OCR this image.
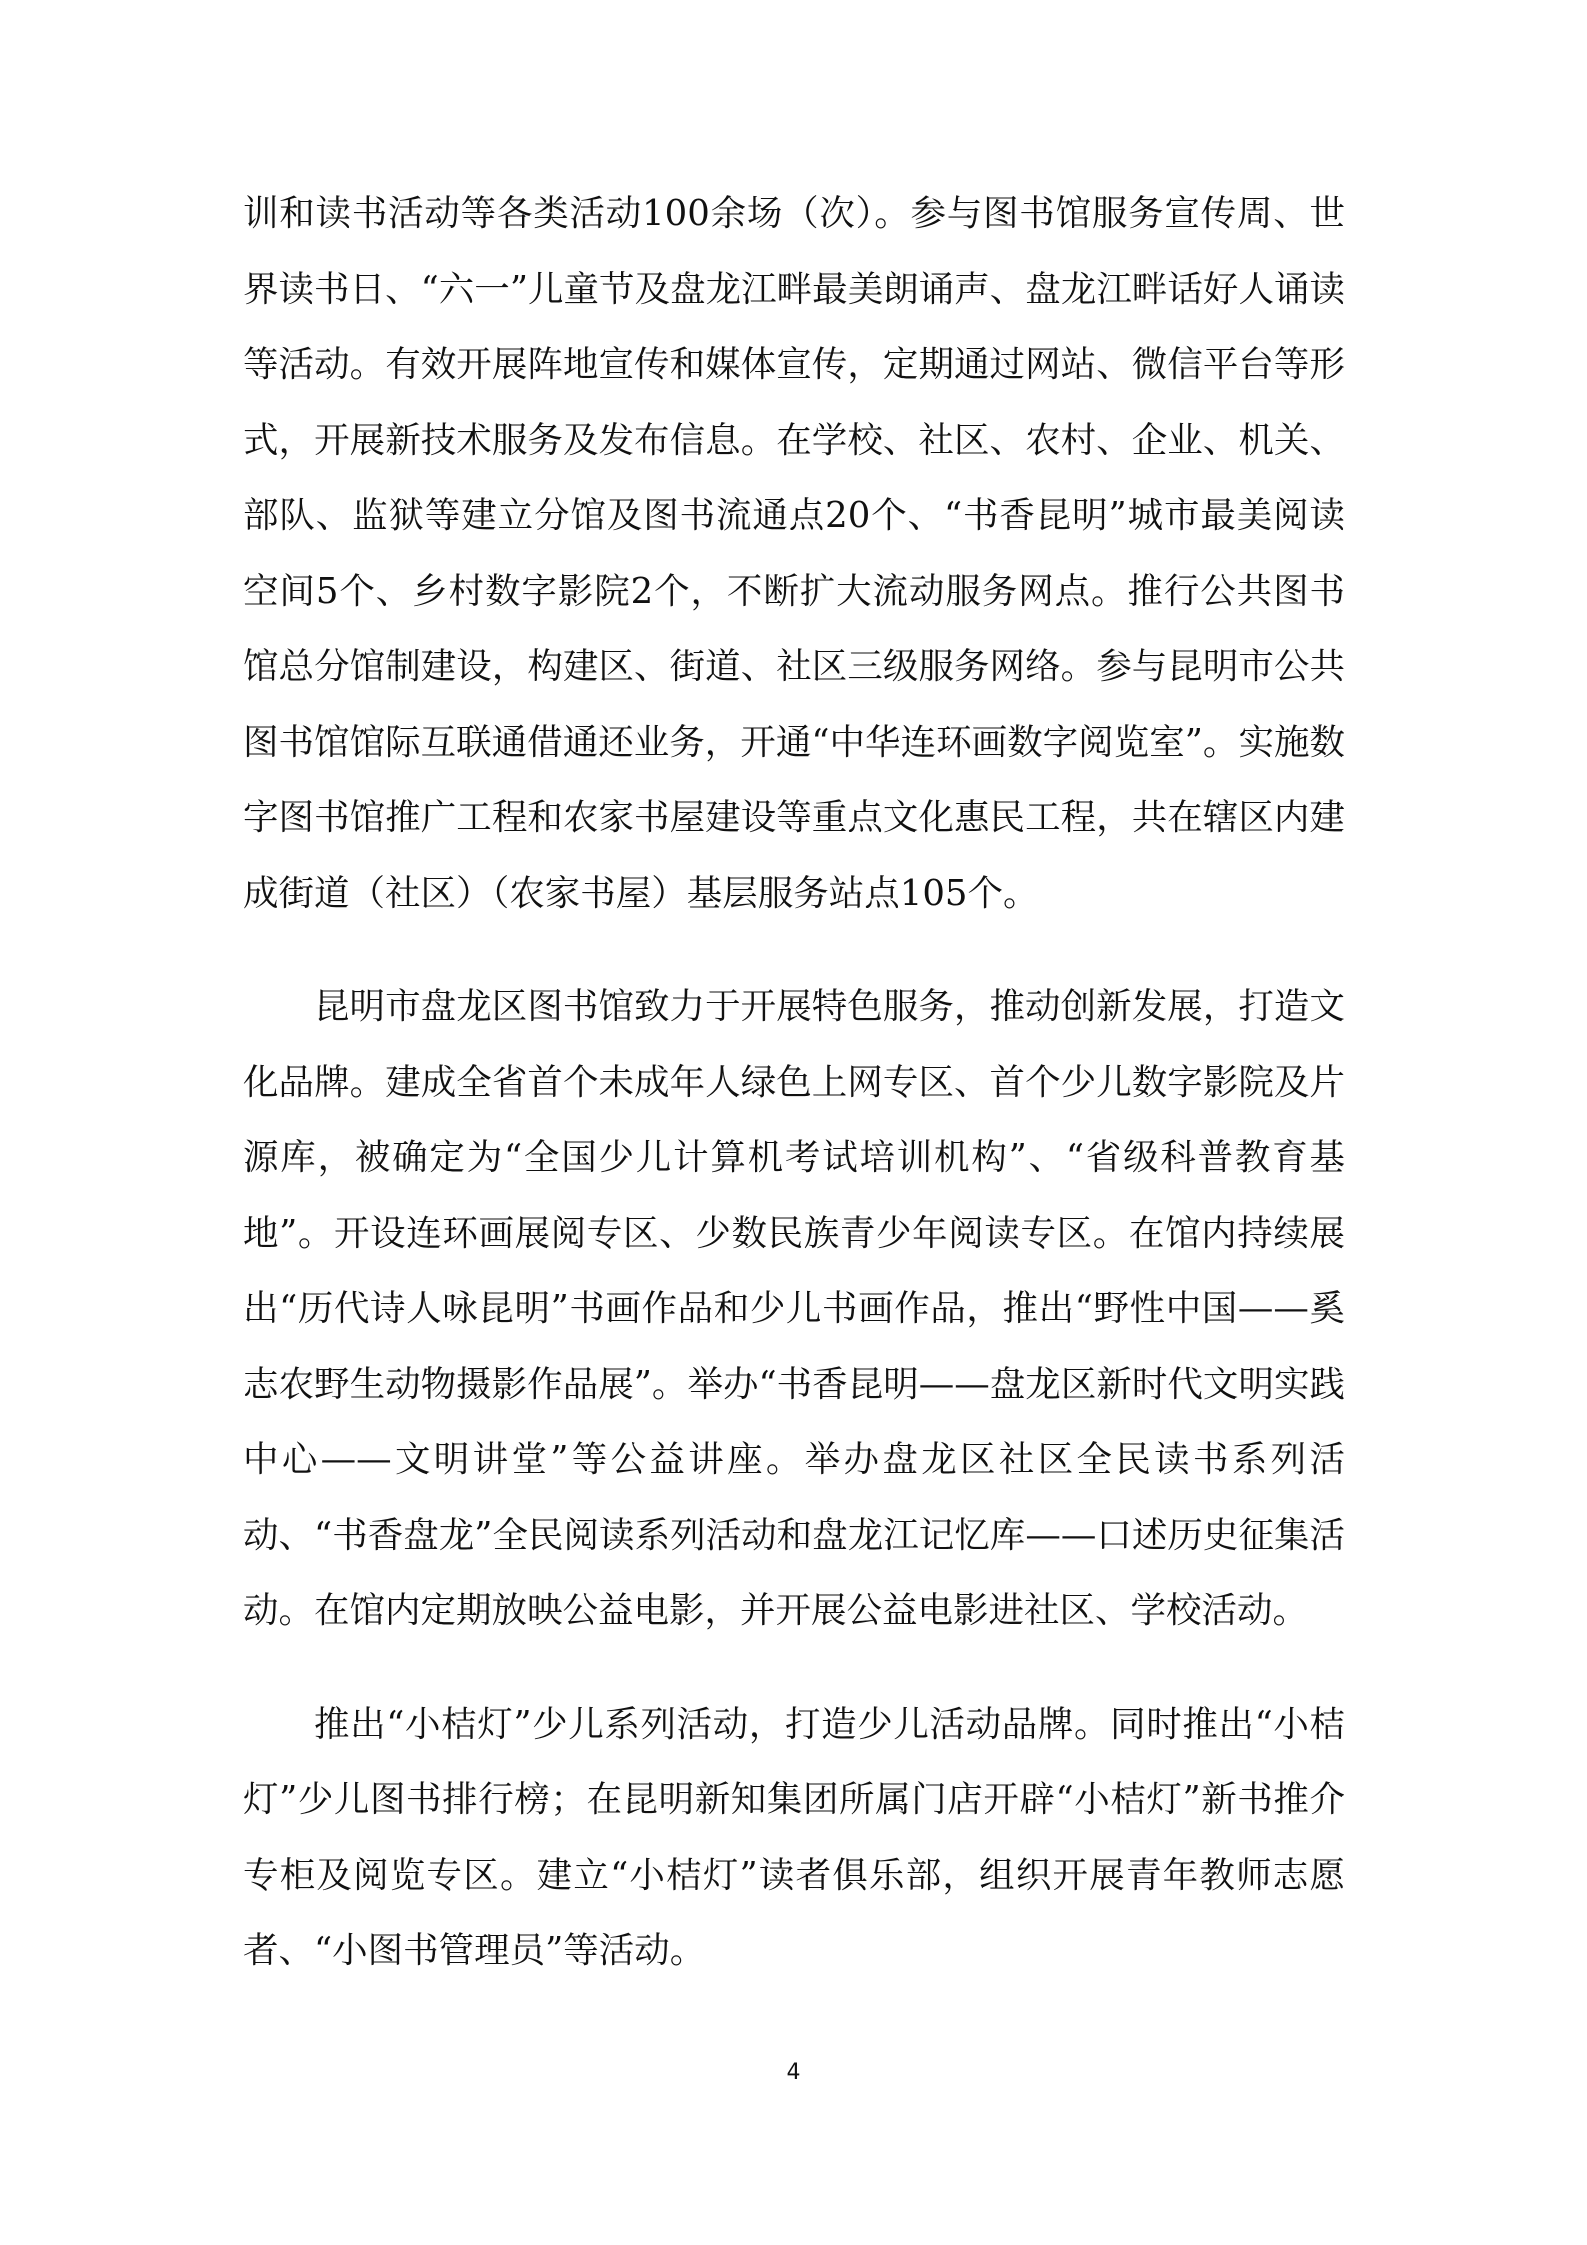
训和读书活动等各类活动100余场（次）。参与图书馆服务宣传周、世界读书日、“六一”儿童节及盘龙江畔最美朗诵声、盘龙江畔话好人诵读等活动。有效开展阵地宣传和媒体宣传，定期通过网站、微信平台等形式，开展新技术服务及发布信息。在学校、社区、农村、企业、机关、部队、监狱等建立分馆及图书流通点20个、“书香昆明”城市最美阅读空间5个、乡村数字影院2个，不断扩大流动服务网点。推行公共图书馆总分馆制建设，构建区、街道、社区三级服务网络。参与昆明市公共图书馆馆际互联通借通还业务，开通“中华连环画数字阅览室”。实施数字图书馆推广工程和农家书屋建设等重点文化惠民工程，共在辖区内建成街道（社区）（农家书屋）基层服务站点105个。

昆明市盘龙区图书馆致力于开展特色服务，推动创新发展，打造文化品牌。建成全省首个未成年人绿色上网专区、首个少儿数字影院及片源库，被确定为“全国少儿计算机考试培训机构”、“省级科普教育基地”。开设连环画展阅专区、少数民族青少年阅读专区。在馆内持续展出“历代诗人咏昆明”书画作品和少儿书画作品，推出“野性中国——奚志农野生动物摄影作品展”。举办“书香昆明——盘龙区新时代文明实践中心——文明讲堂”等公益讲座。举办盘龙区社区全民读书系列活动、“书香盘龙”全民阅读系列活动和盘龙江记忆库——口述历史征集活动。在馆内定期放映公益电影，并开展公益电影进社区、学校活动。

推出“小桔灯”少儿系列活动，打造少儿活动品牌。同时推出“小桔灯”少儿图书排行榜；在昆明新知集团所属门店开辟“小桔灯”新书推介专柜及阅览专区。建立“小桔灯”读者俱乐部，组织开展青年教师志愿者、“小图书管理员”等活动。

4
